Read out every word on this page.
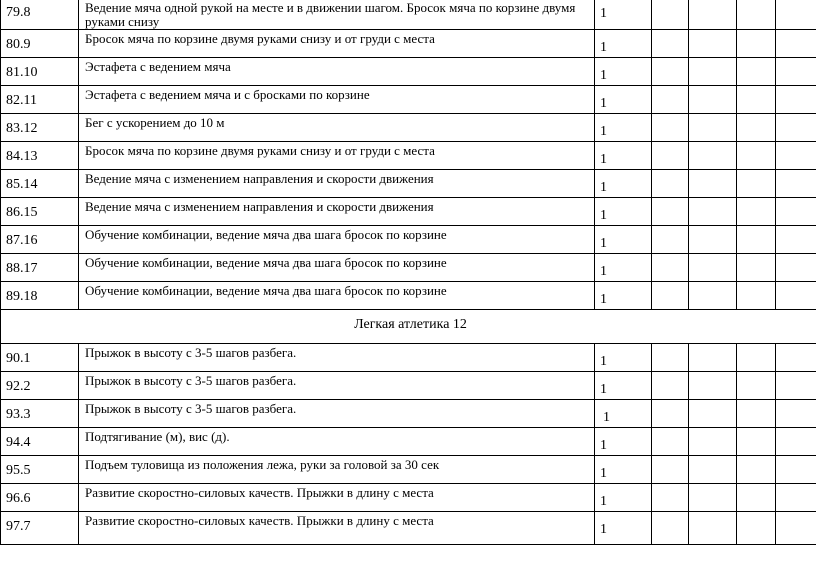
79.8	Ведение мяча одной рукой на месте и в движении шагом. Бросок мяча по корзине двумя руками снизу	1				
80.9	Бросок мяча по корзине двумя руками снизу и от груди с места	1				
81.10	Эстафета с ведением мяча	1				
82.11	Эстафета с ведением мяча и с бросками по корзине	1				
83.12	Бег с ускорением до 10 м	1				
84.13	Бросок мяча по корзине двумя руками снизу и от груди с места	1				
85.14	Ведение мяча с изменением направления и скорости движения	1				
86.15	Ведение мяча с изменением направления и скорости движения	1				
87.16	Обучение комбинации, ведение мяча два шага бросок по корзине	1				
88.17	Обучение комбинации, ведение мяча два шага бросок по корзине	1				
89.18	Обучение комбинации, ведение мяча два шага бросок по корзине	1				
Легкая атлетика 12						
90.1	Прыжок в высоту с 3-5 шагов разбега.	1				
92.2	Прыжок в высоту с 3-5 шагов разбега.	1				
93.3	Прыжок в высоту с 3-5 шагов разбега.	1				
94.4	Подтягивание (м), вис (д).	1				
95.5	Подъем туловища из положения лежа, руки за головой за 30 сек	1				
96.6	Развитие скоростно-силовых качеств. Прыжки в длину с места	1				
97.7	Развитие скоростно-силовых качеств. Прыжки в длину с места	1				
